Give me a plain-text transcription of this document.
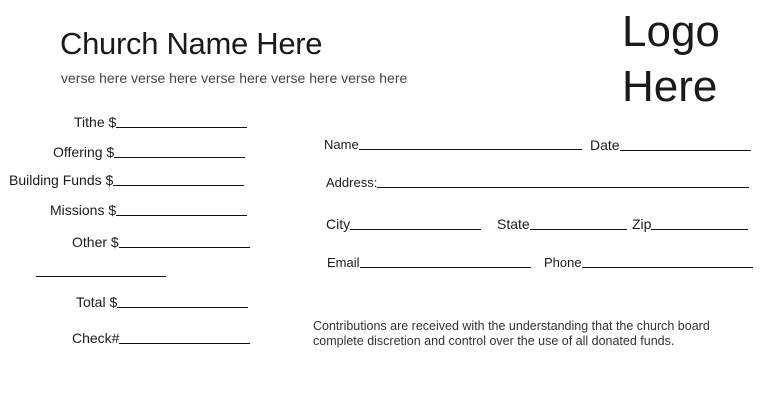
Church Name Here
verse here verse here verse here verse here verse here
Logo
Here
Tithe $
Offering $
Building Funds $
Missions $
Other $
Total $
Check#
Name	Date
Address:
City	State	Zip
Email	Phone
Contributions are received with the understanding that the church board
complete discretion and control over the use of all donated funds.
